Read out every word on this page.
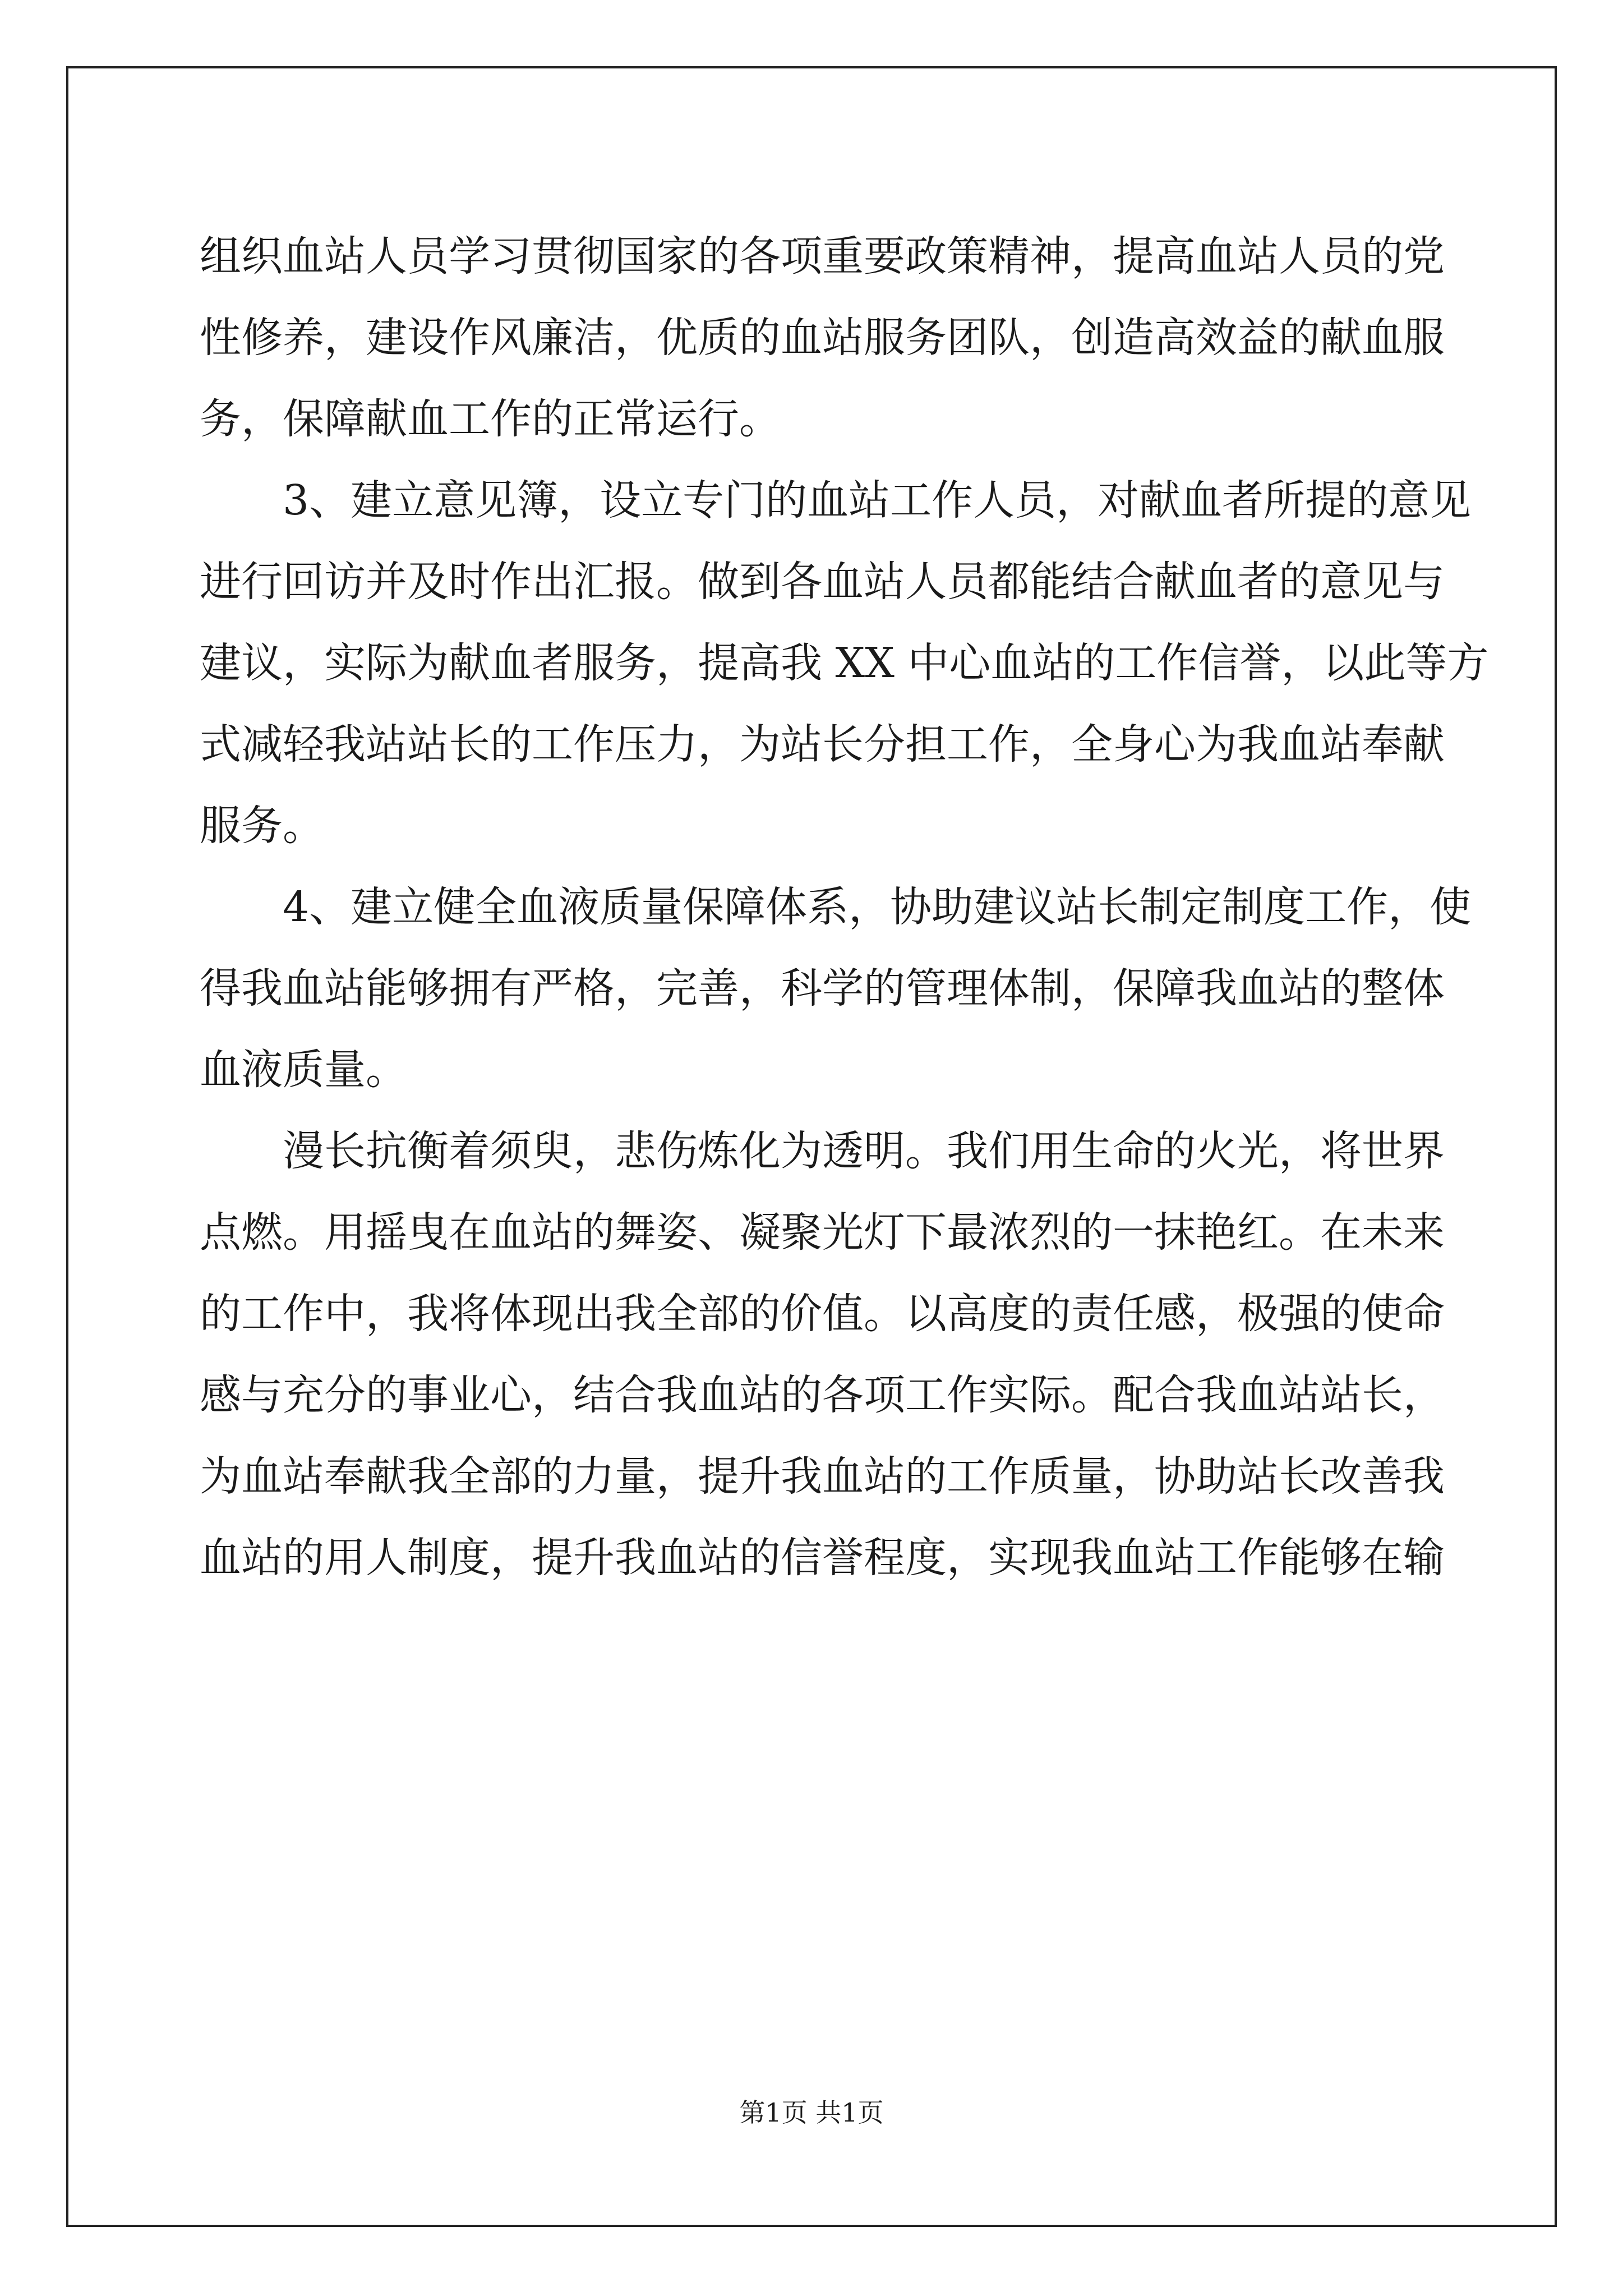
组织血站人员学习贯彻国家的各项重要政策精神，提高血站人员的党
性修养，建设作风廉洁，优质的血站服务团队，创造高效益的献血服
务，保障献血工作的正常运行。
3、建立意见簿，设立专门的血站工作人员，对献血者所提的意见
进行回访并及时作出汇报。做到各血站人员都能结合献血者的意见与
建议，实际为献血者服务，提高我 XX 中心血站的工作信誉，以此等方
式减轻我站站长的工作压力，为站长分担工作，全身心为我血站奉献
服务。
4、建立健全血液质量保障体系，协助建议站长制定制度工作，使
得我血站能够拥有严格，完善，科学的管理体制，保障我血站的整体
血液质量。
漫长抗衡着须臾，悲伤炼化为透明。我们用生命的火光，将世界
点燃。用摇曳在血站的舞姿、凝聚光灯下最浓烈的一抹艳红。在未来
的工作中，我将体现出我全部的价值。以高度的责任感，极强的使命
感与充分的事业心，结合我血站的各项工作实际。配合我血站站长，
为血站奉献我全部的力量，提升我血站的工作质量，协助站长改善我
血站的用人制度，提升我血站的信誉程度，实现我血站工作能够在输
第1页 共1页
